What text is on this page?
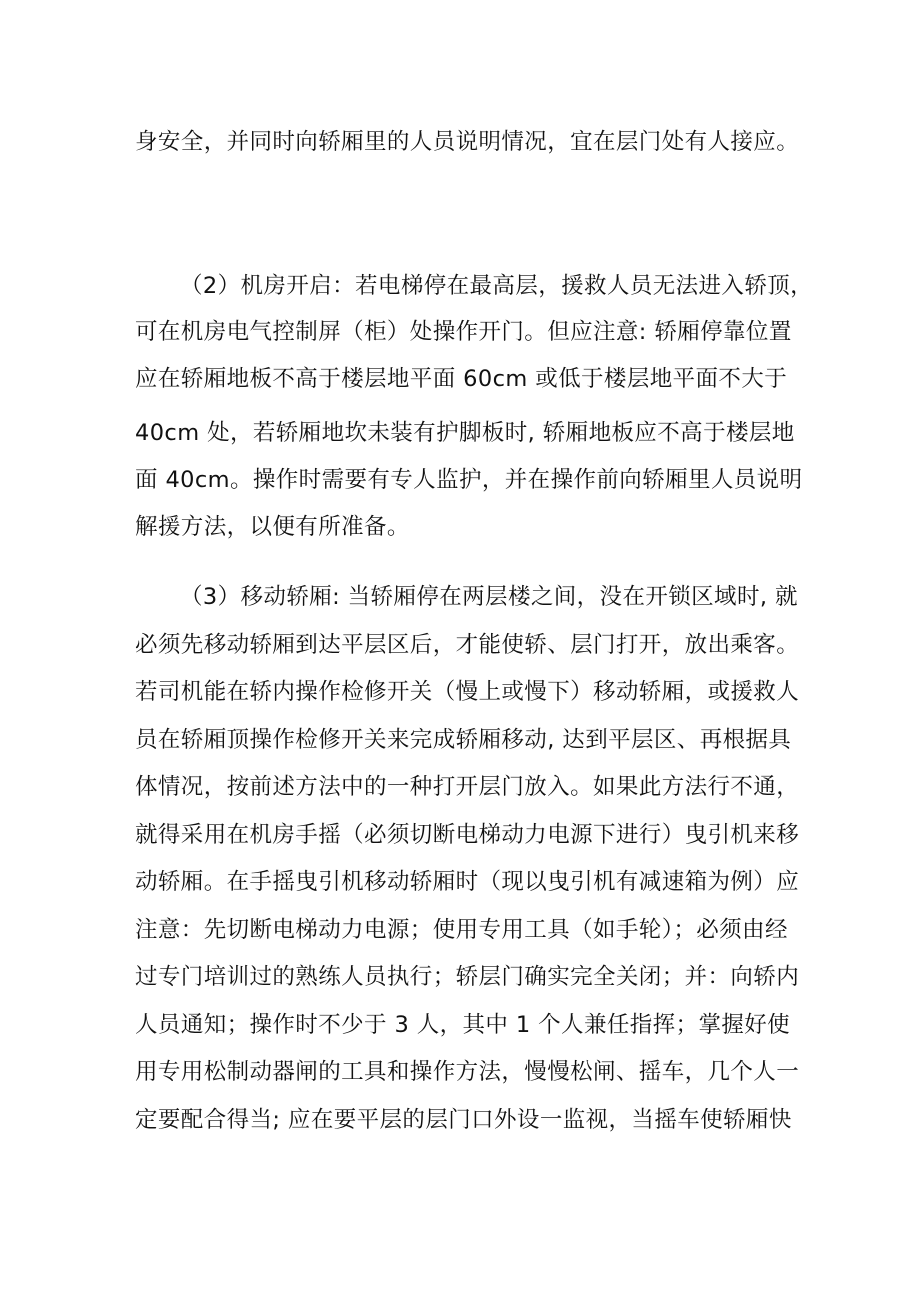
身安全，并同时向轿厢里的人员说明情况，宜在层门处有人接应。
（2）机房开启：若电梯停在最高层，援救人员无法进入轿顶，
可在机房电气控制屏（柜）处操作开门。但应注意: 轿厢停靠位置
应在轿厢地板不高于楼层地平面 60cm 或低于楼层地平面不大于
40cm 处，若轿厢地坎未装有护脚板时, 轿厢地板应不高于楼层地
面 40cm。操作时需要有专人监护，并在操作前向轿厢里人员说明
解援方法，以便有所准备。
（3）移动轿厢: 当轿厢停在两层楼之间，没在开锁区域时, 就
必须先移动轿厢到达平层区后，才能使轿、层门打开，放出乘客。
若司机能在轿内操作检修开关（慢上或慢下）移动轿厢，或援救人
员在轿厢顶操作检修开关来完成轿厢移动, 达到平层区、再根据具
体情况，按前述方法中的一种打开层门放入。如果此方法行不通，
就得采用在机房手摇（必须切断电梯动力电源下进行）曳引机来移
动轿厢。在手摇曳引机移动轿厢时（现以曳引机有减速箱为例）应
注意：先切断电梯动力电源；使用专用工具（如手轮）；必须由经
过专门培训过的熟练人员执行；轿层门确实完全关闭；并：向轿内
人员通知；操作时不少于 3 人，其中 1 个人兼任指挥；掌握好使
用专用松制动器闸的工具和操作方法，慢慢松闸、摇车，几个人一
定要配合得当; 应在要平层的层门口外设一监视，当摇车使轿厢快
